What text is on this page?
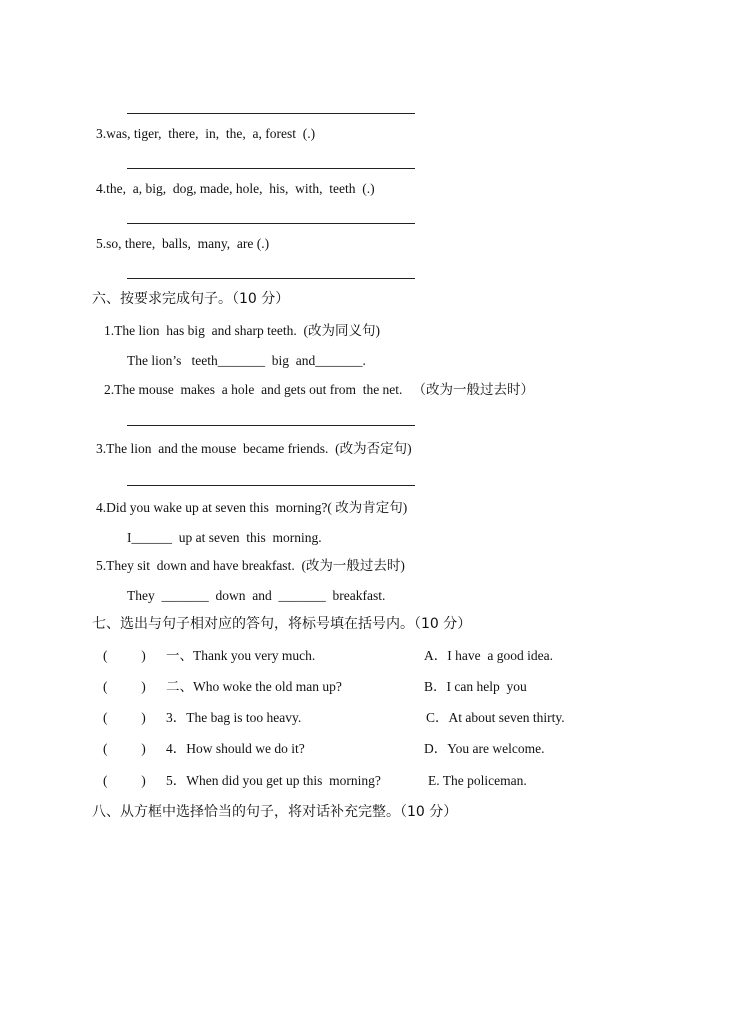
3.was, tiger,  there,  in,  the,  a, forest  (.)
4.the,  a, big,  dog, made, hole,  his,  with,  teeth  (.)
5.so, there,  balls,  many,  are (.)
六、按要求完成句子。（10 分）
1.The lion  has big  and sharp teeth.  (改为同义句)
The lion’s   teeth_______  big  and_______.
2.The mouse  makes  a hole  and gets out from  the net.   （改为一般过去时）
3.The lion  and the mouse  became friends.  (改为否定句)
4.Did you wake up at seven this  morning?( 改为肯定句)
I______  up at seven  this  morning.
5.They sit  down and have breakfast.  (改为一般过去时)
They  _______  down  and  _______  breakfast.
七、选出与句子相对应的答句，将标号填在括号内。（10 分）
(          ) 一、Thank you very much.	A．I have  a good idea.
(          ) 二、Who woke the old man up?	B．I can help  you
(          ) 3．The bag is too heavy.	C．At about seven thirty.
(          ) 4．How should we do it?	D．You are welcome.
(          ) 5．When did you get up this  morning?	E. The policeman.
八、从方框中选择恰当的句子，将对话补充完整。（10 分）
